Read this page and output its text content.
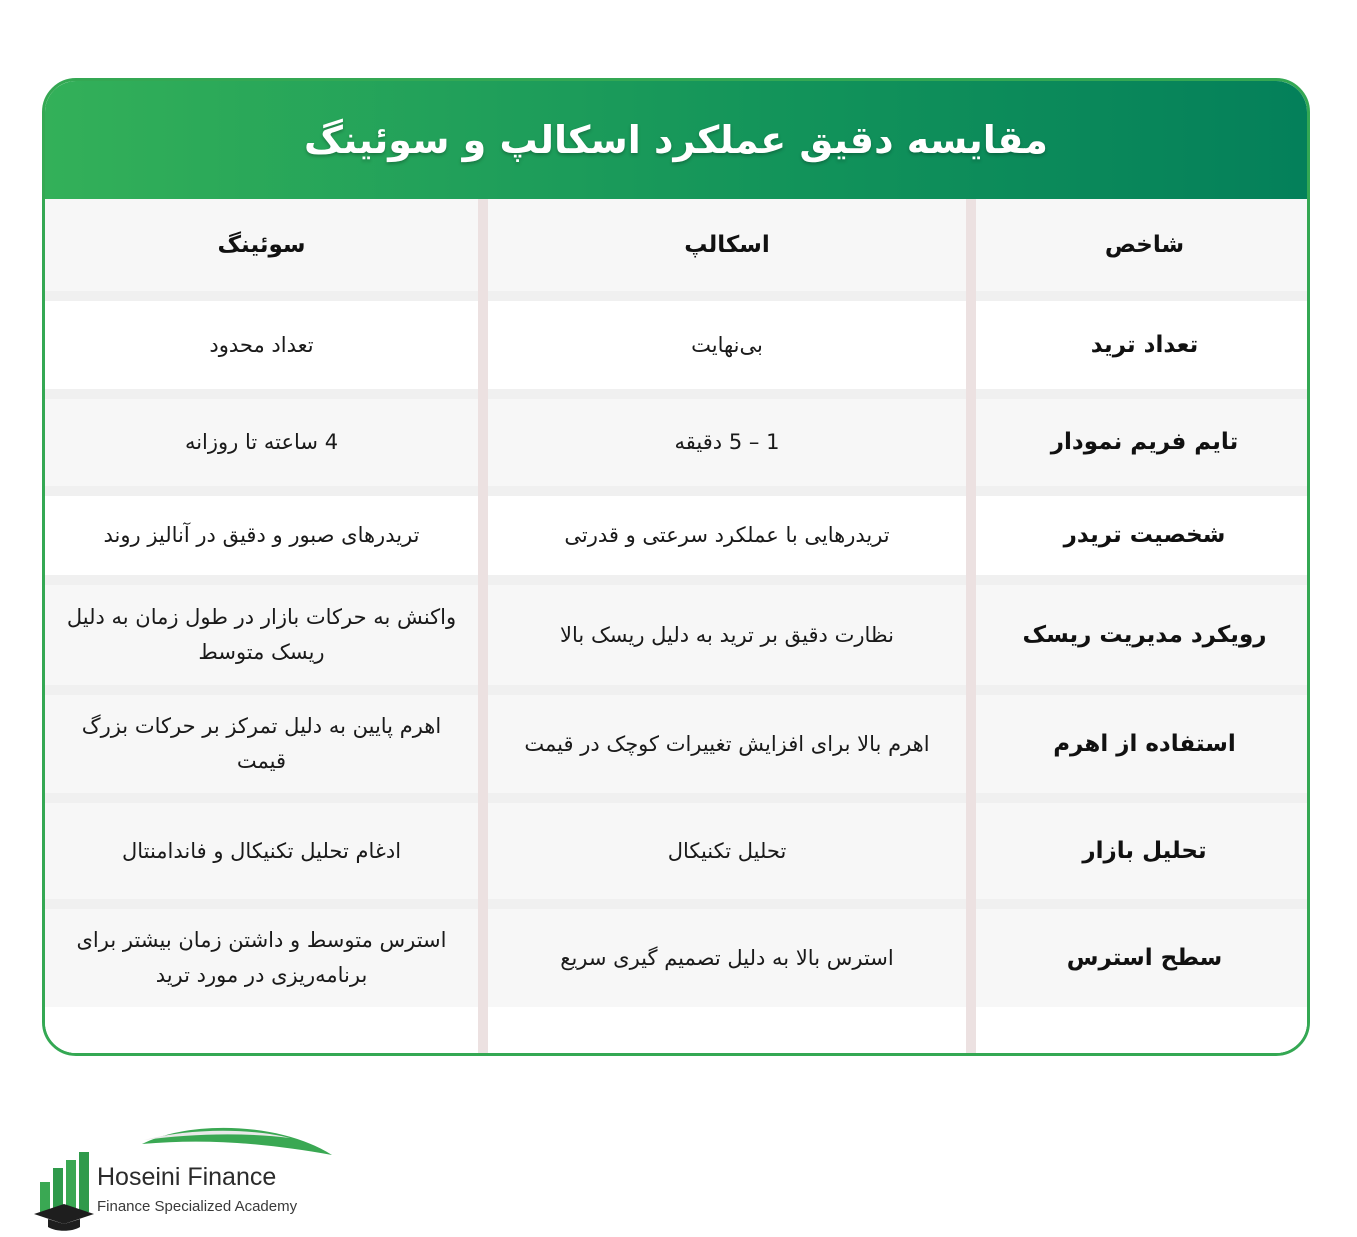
مقایسه دقیق عملکرد اسکالپ و سوئینگ
شاخص
اسکالپ
سوئینگ
تعداد ترید
بی‌نهایت
تعداد محدود
تایم فریم نمودار
1 – 5 دقیقه
4 ساعته تا روزانه
شخصیت تریدر
تریدرهایی با عملکرد سرعتی و قدرتی
تریدرهای صبور و دقیق در آنالیز روند
رویکرد مدیریت ریسک
نظارت دقیق بر ترید به دلیل ریسک بالا
واکنش به حرکات بازار در طول زمان به دلیل ریسک متوسط
استفاده از اهرم
اهرم بالا برای افزایش تغییرات کوچک در قیمت
اهرم پایین به دلیل تمرکز بر حرکات بزرگ قیمت
تحلیل بازار
تحلیل تکنیکال
ادغام تحلیل تکنیکال و فاندامنتال
سطح استرس
استرس بالا به دلیل تصمیم گیری سریع
استرس متوسط و داشتن زمان بیشتر برای برنامه‌ریزی در مورد ترید
Hoseini Finance
Finance Specialized Academy
